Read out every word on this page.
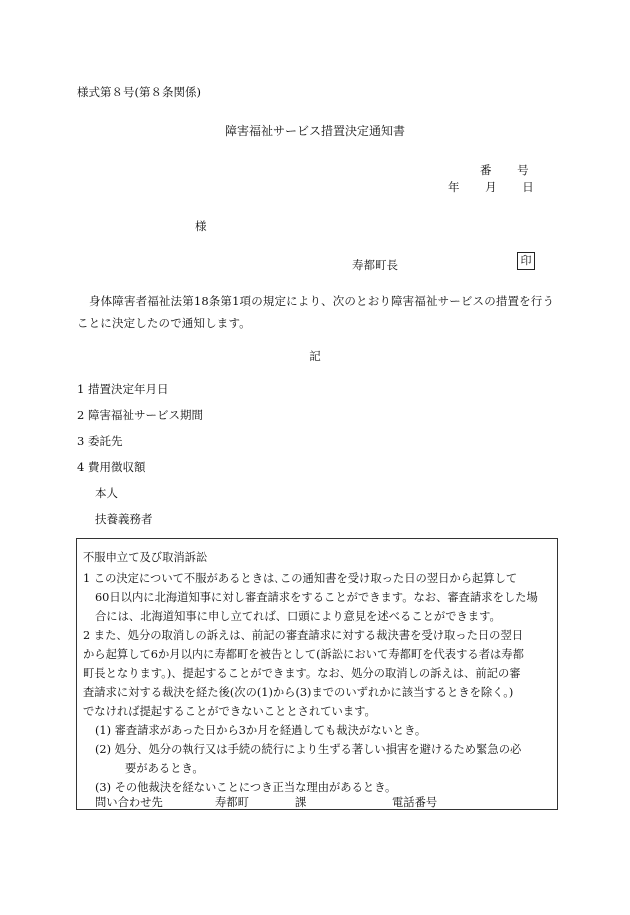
様式第８号(第８条関係)
障害福祉サービス措置決定通知書
番 号
年 月 日
様
寿都町長	印
身体障害者福祉法第18条第1項の規定により、次のとおり障害福祉サービスの措置を行うことに決定したので通知します。
記
1 措置決定年月日
2 障害福祉サービス期間
3 委託先
4 費用徴収額
本人
扶養義務者
不服申立て及び取消訴訟
1 この決定について不服があるときは､この通知書を受け取った日の翌日から起算して
60日以内に北海道知事に対し審査請求をすることができます。なお、審査請求をした場
合には、北海道知事に申し立てれば、口頭により意見を述べることができます。
2 また、処分の取消しの訴えは、前記の審査請求に対する裁決書を受け取った日の翌日
から起算して6か月以内に寿都町を被告として(訴訟において寿都町を代表する者は寿都
町長となります。)、提起することができます。なお、処分の取消しの訴えは、前記の審
査請求に対する裁決を経た後(次の(1)から(3)までのいずれかに該当するときを除く。)
でなければ提起することができないこととされています。
(1) 審査請求があった日から3か月を経過しても裁決がないとき。
(2) 処分、処分の執行又は手続の続行により生ずる著しい損害を避けるため緊急の必
要があるとき。
(3) その他裁決を経ないことにつき正当な理由があるとき。
問い合わせ先	寿都町	課	電話番号
